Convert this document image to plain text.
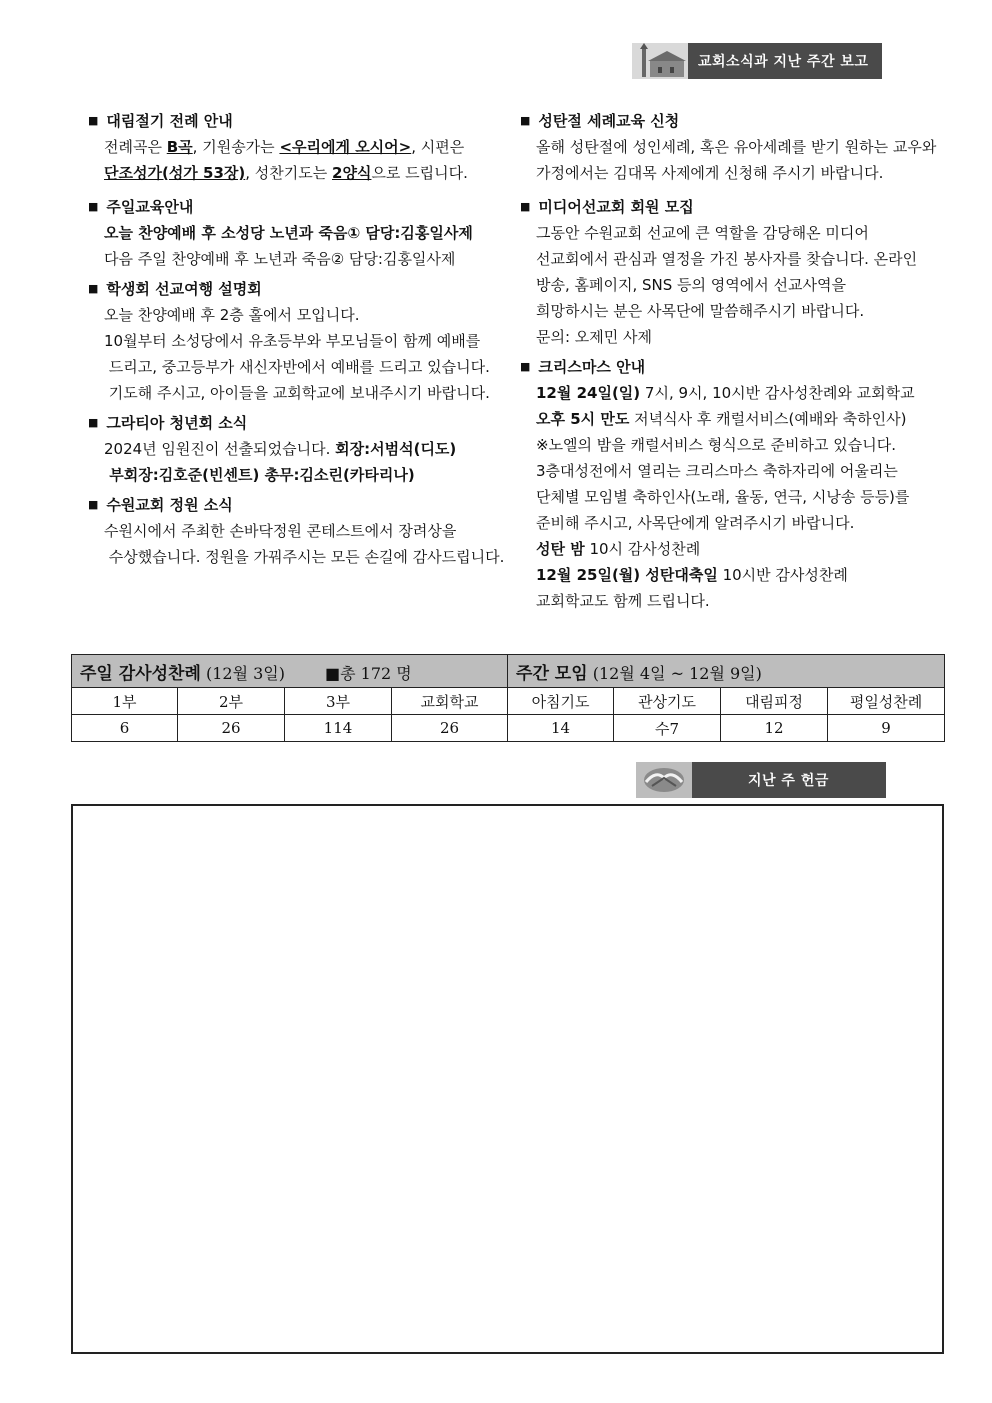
교회소식과 지난 주간 보고
■ 대림절기 전례 안내
전례곡은 B곡, 기원송가는 <우리에게 오시어>, 시편은
단조성가(성가 53장), 성찬기도는 2양식으로 드립니다.
■ 주일교육안내
오늘 찬양예배 후 소성당 노년과 죽음① 담당:김홍일사제
다음 주일 찬양예배 후 노년과 죽음② 담당:김홍일사제
■ 학생회 선교여행 설명회
오늘 찬양예배 후 2층 홀에서 모입니다.
10월부터 소성당에서 유초등부와 부모님들이 함께 예배를
드리고, 중고등부가 새신자반에서 예배를 드리고 있습니다.
기도해 주시고, 아이들을 교회학교에 보내주시기 바랍니다.
■ 그라티아 청년회 소식
2024년 임원진이 선출되었습니다. 회장:서범석(디도)
부회장:김호준(빈센트) 총무:김소린(카타리나)
■ 수원교회 정원 소식
수원시에서 주최한 손바닥정원 콘테스트에서 장려상을
수상했습니다. 정원을 가꿔주시는 모든 손길에 감사드립니다.
■ 성탄절 세례교육 신청
올해 성탄절에 성인세례, 혹은 유아세례를 받기 원하는 교우와
가정에서는 김대목 사제에게 신청해 주시기 바랍니다.
■ 미디어선교회 회원 모집
그동안 수원교회 선교에 큰 역할을 감당해온 미디어
선교회에서 관심과 열정을 가진 봉사자를 찾습니다. 온라인
방송, 홈페이지, SNS 등의 영역에서 선교사역을
희망하시는 분은 사목단에 말씀해주시기 바랍니다.
문의: 오제민 사제
■ 크리스마스 안내
12월 24일(일) 7시, 9시, 10시반 감사성찬례와 교회학교
오후 5시 만도 저녁식사 후 캐럴서비스(예배와 축하인사)
※노엘의 밤을 캐럴서비스 형식으로 준비하고 있습니다.
3층대성전에서 열리는 크리스마스 축하자리에 어울리는
단체별 모임별 축하인사(노래, 율동, 연극, 시낭송 등등)를
준비해 주시고, 사목단에게 알려주시기 바랍니다.
성탄 밤 10시 감사성찬례
12월 25일(월) 성탄대축일 10시반 감사성찬례
교회학교도 함께 드립니다.
주일 감사성찬례 (12월 3일) ■총 172 명				주간 모임 (12월 4일 ~ 12월 9일)			
1부	2부	3부	교회학교	아침기도	관상기도	대림피정	평일성찬례
6	26	114	26	14	수7	12	9
지난 주 헌금
